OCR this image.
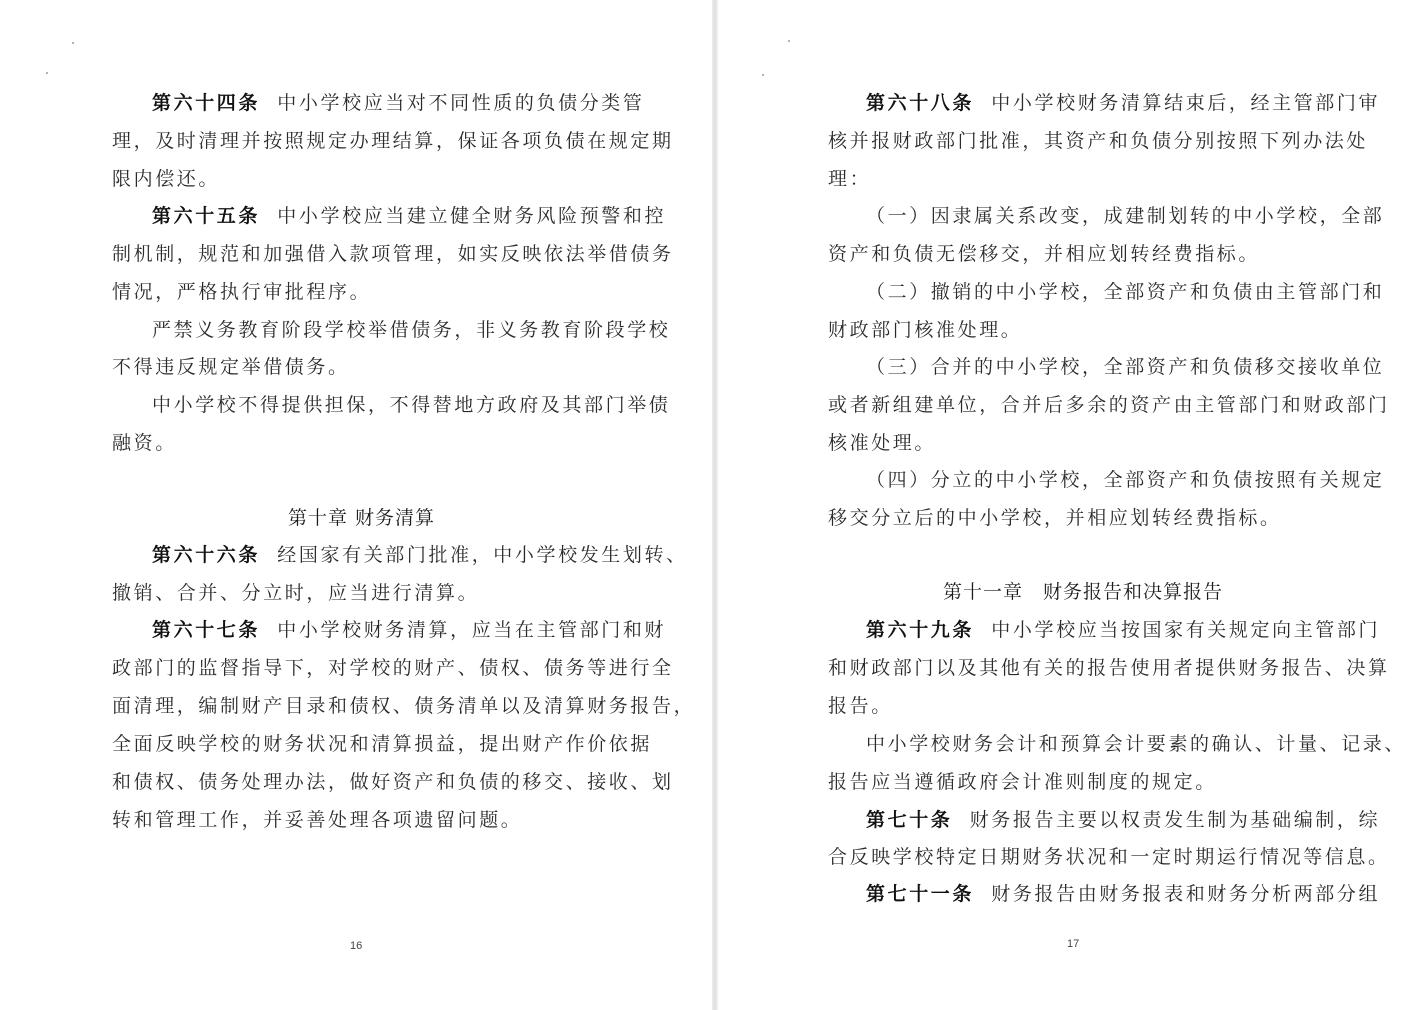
第六十四条 中小学校应当对不同性质的负债分类管
理，及时清理并按照规定办理结算，保证各项负债在规定期
限内偿还。
第六十五条 中小学校应当建立健全财务风险预警和控
制机制，规范和加强借入款项管理，如实反映依法举借债务
情况，严格执行审批程序。
严禁义务教育阶段学校举借债务，非义务教育阶段学校
不得违反规定举借债务。
中小学校不得提供担保，不得替地方政府及其部门举债
融资。
第十章 财务清算
第六十六条 经国家有关部门批准，中小学校发生划转、
撤销、合并、分立时，应当进行清算。
第六十七条 中小学校财务清算，应当在主管部门和财
政部门的监督指导下，对学校的财产、债权、债务等进行全
面清理，编制财产目录和债权、债务清单以及清算财务报告，
全面反映学校的财务状况和清算损益，提出财产作价依据
和债权、债务处理办法，做好资产和负债的移交、接收、划
转和管理工作，并妥善处理各项遗留问题。
16
第六十八条 中小学校财务清算结束后，经主管部门审
核并报财政部门批准，其资产和负债分别按照下列办法处
理：
（一）因隶属关系改变，成建制划转的中小学校，全部
资产和负债无偿移交，并相应划转经费指标。
（二）撤销的中小学校，全部资产和负债由主管部门和
财政部门核准处理。
（三）合并的中小学校，全部资产和负债移交接收单位
或者新组建单位，合并后多余的资产由主管部门和财政部门
核准处理。
（四）分立的中小学校，全部资产和负债按照有关规定
移交分立后的中小学校，并相应划转经费指标。
第十一章　财务报告和决算报告
第六十九条 中小学校应当按国家有关规定向主管部门
和财政部门以及其他有关的报告使用者提供财务报告、决算
报告。
中小学校财务会计和预算会计要素的确认、计量、记录、
报告应当遵循政府会计准则制度的规定。
第七十条 财务报告主要以权责发生制为基础编制，综
合反映学校特定日期财务状况和一定时期运行情况等信息。
第七十一条 财务报告由财务报表和财务分析两部分组
17
